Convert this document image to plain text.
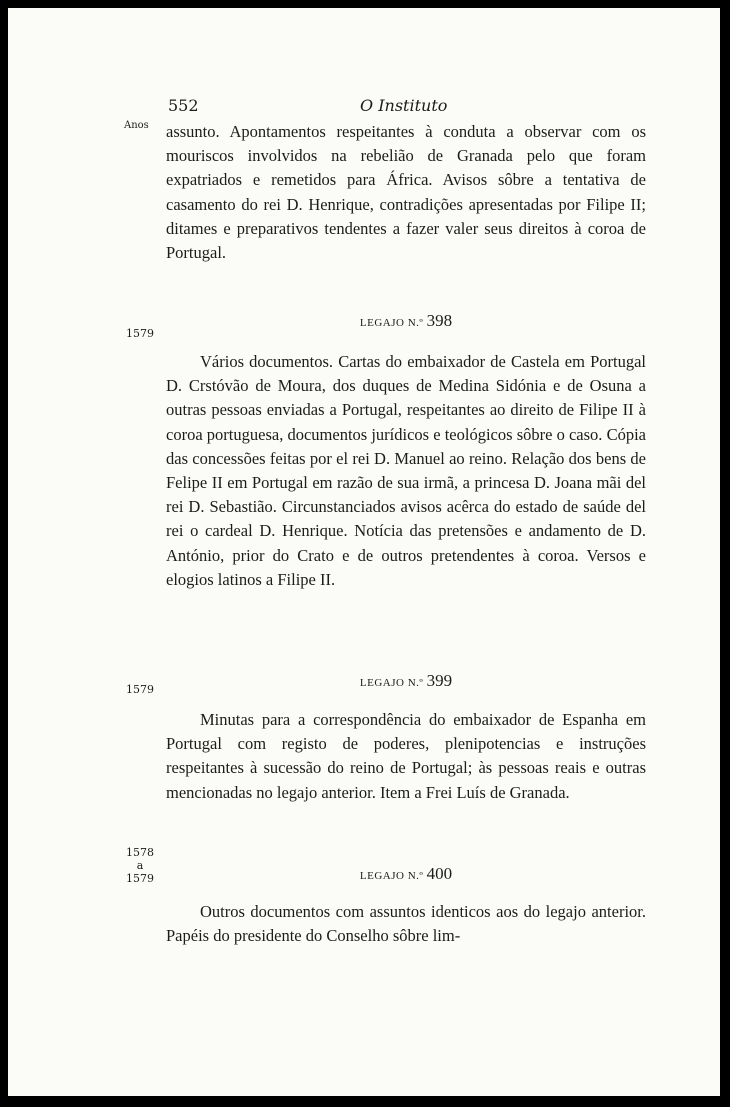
552	O Instituto
Anos assunto. Apontamentos respeitantes à conduta a observar com os mouriscos involvidos na rebelião de Granada pelo que foram expatriados e remetidos para África. Avisos sôbre a tentativa de casamento do rei D. Henrique, contradições apresentadas por Filipe II; ditames e preparativos tendentes a fazer valer seus direitos à coroa de Portugal.

1579
LEGAJO N.º 398

Vários documentos. Cartas do embaixador de Castela em Portugal D. Crstóvão de Moura, dos duques de Medina Sidónia e de Osuna a outras pessoas enviadas a Portugal, respeitantes ao direito de Filipe II à coroa portuguesa, documentos jurídicos e teológicos sôbre o caso. Cópia das concessões feitas por el rei D. Manuel ao reino. Relação dos bens de Felipe II em Portugal em razão de sua irmã, a princesa D. Joana mãi del rei D. Sebastião. Circunstanciados avisos acêrca do estado de saúde del rei o cardeal D. Henrique. Notícia das pretensões e andamento de D. António, prior do Crato e de outros pretendentes à coroa. Versos e elogios latinos a Filipe II.

1579	LEGAJO N.º 399

Minutas para a correspondência do embaixador de Espanha em Portugal com registo de poderes, plenipotencias e instruções respeitantes à sucessão do reino de Portugal; às pessoas reais e outras mencionadas no legajo anterior. Item a Frei Luís de Granada.

1578
a
1579	LEGAJO N.º 400

Outros documentos com assuntos identicos aos do legajo anterior. Papéis do presidente do Conselho sôbre lim-
